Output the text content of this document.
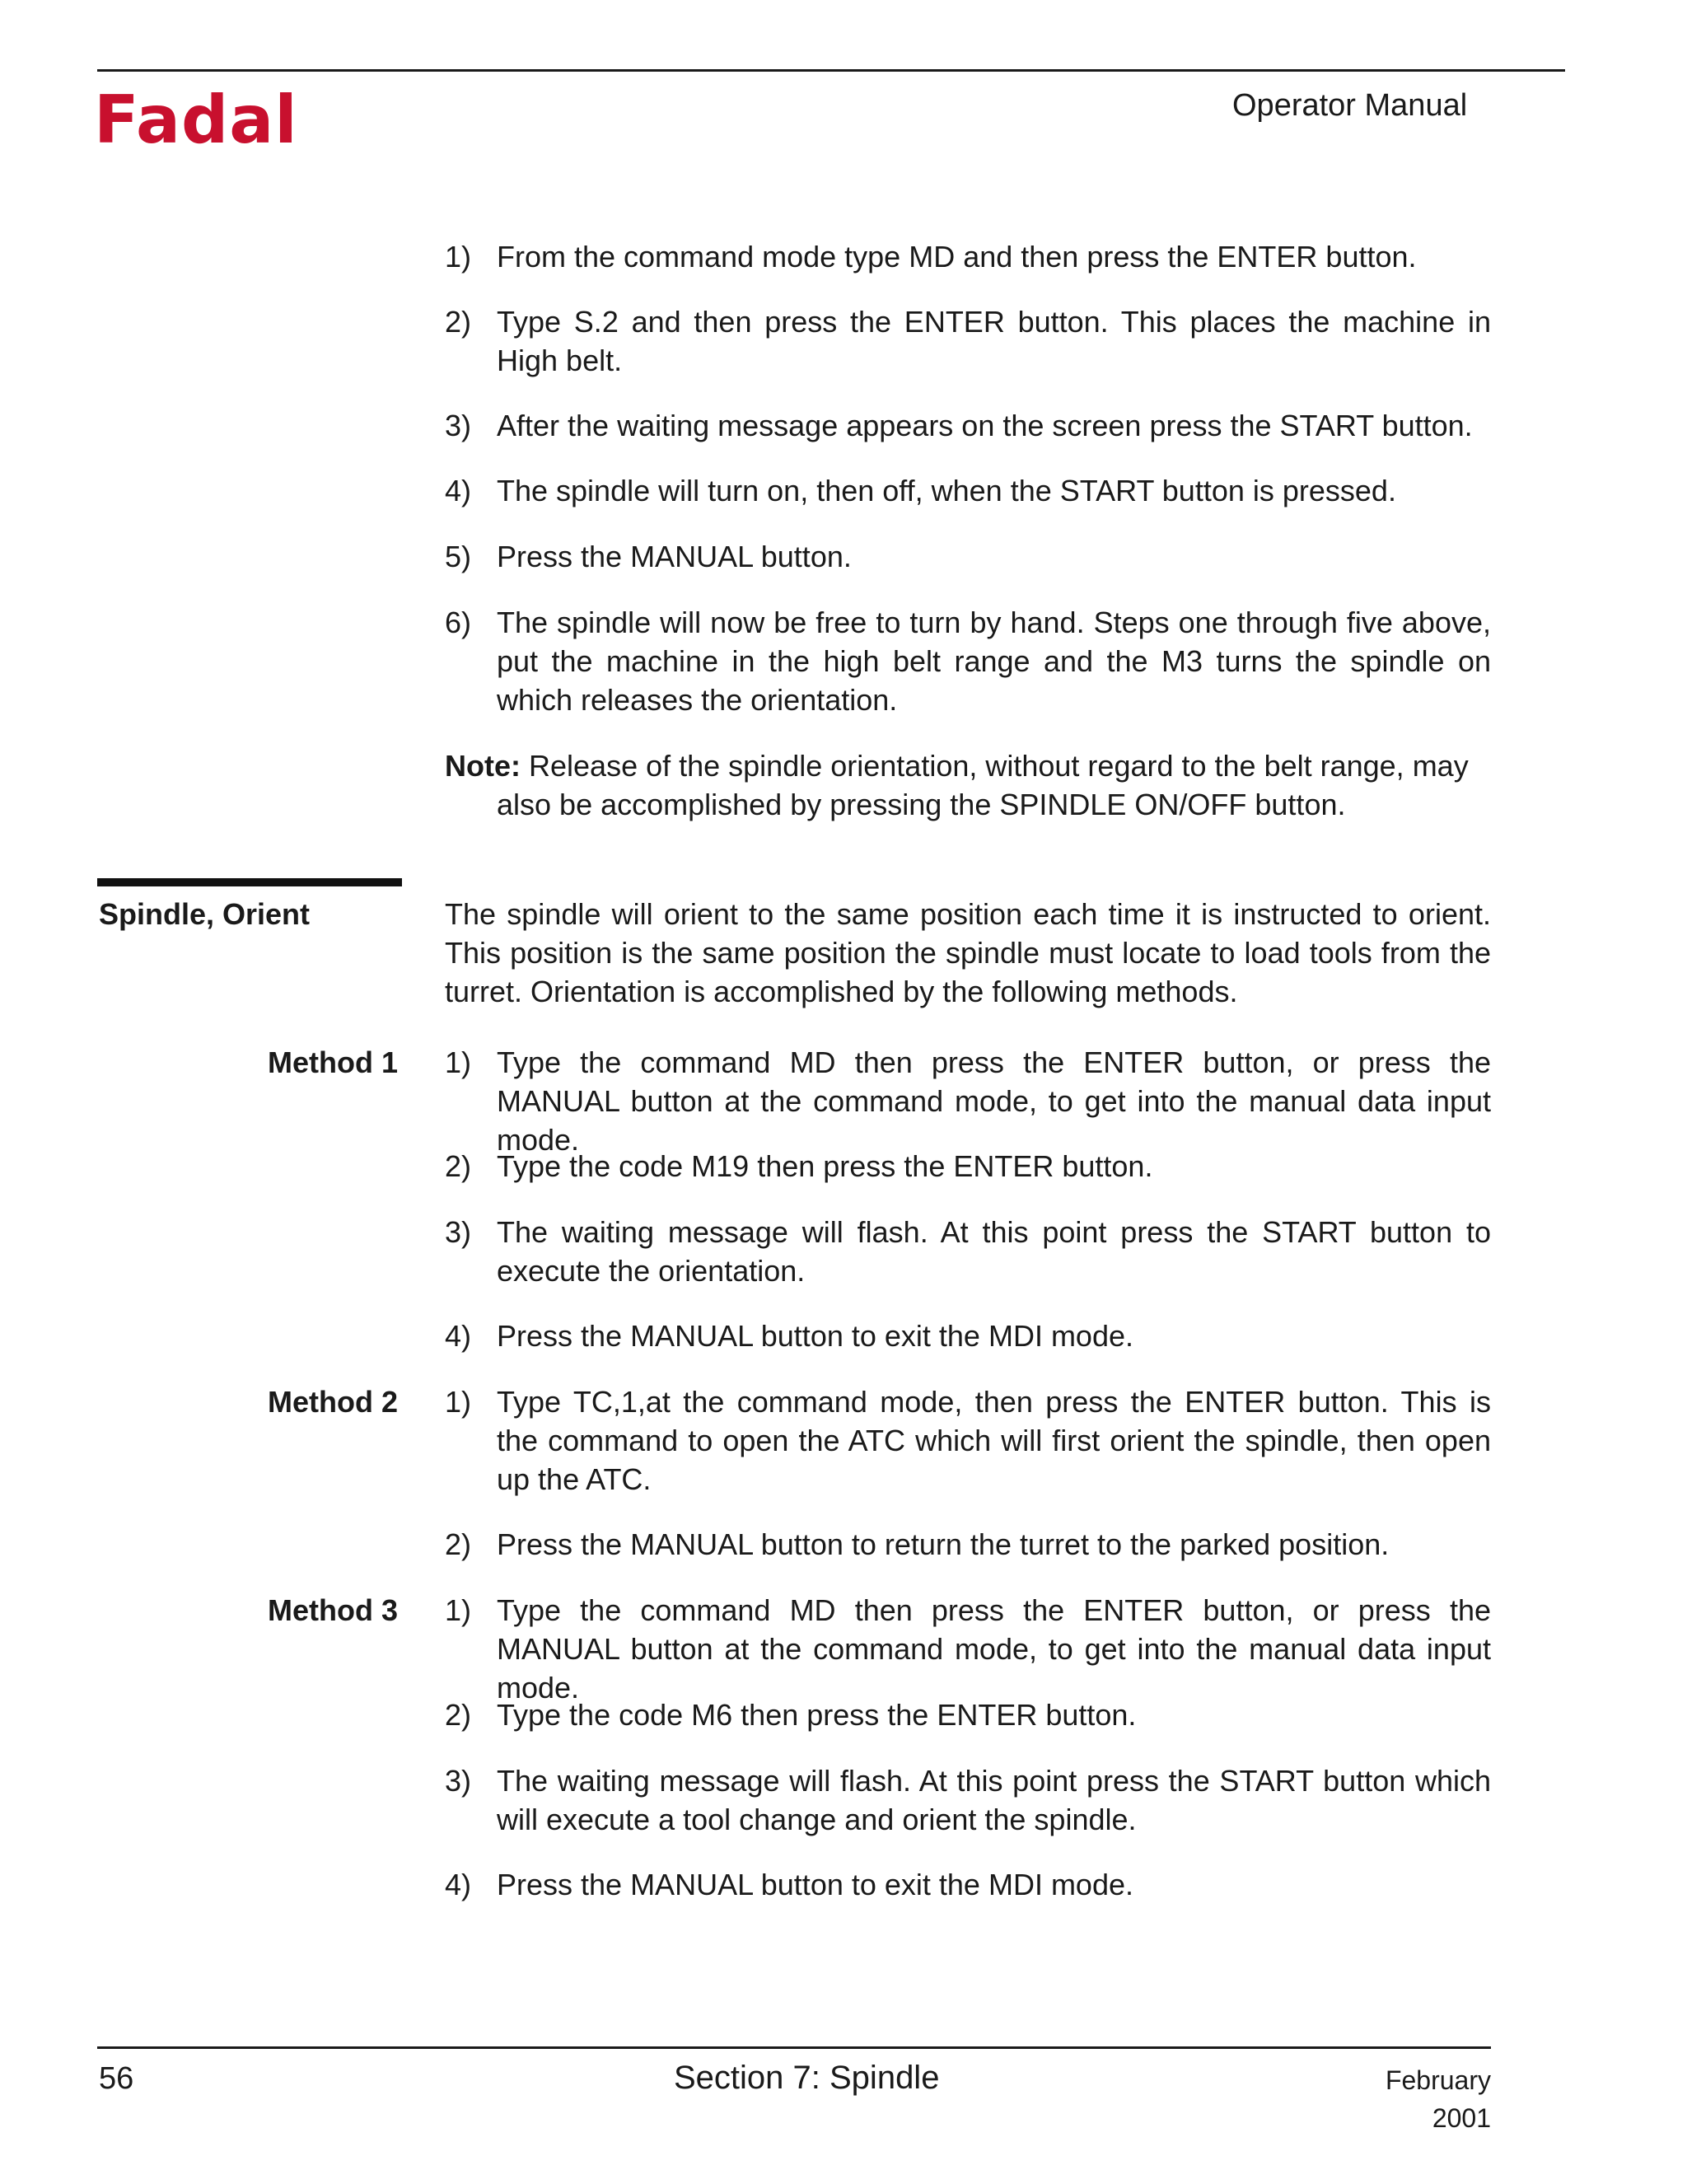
Fadal	Operator Manual
1) From the command mode type MD and then press the ENTER button.
2) Type S.2 and then press the ENTER button. This places the machine in High belt.
3) After the waiting message appears on the screen press the START button.
4) The spindle will turn on, then off, when the START button is pressed.
5) Press the MANUAL button.
6) The spindle will now be free to turn by hand. Steps one through five above, put the machine in the high belt range and the M3 turns the spindle on which releases the orientation.
Note: Release of the spindle orientation, without regard to the belt range, may
also be accomplished by pressing the SPINDLE ON/OFF button.
Spindle, Orient	The spindle will orient to the same position each time it is instructed to orient. This position is the same position the spindle must locate to load tools from the turret. Orientation is accomplished by the following methods.
Method 1 1) Type the command MD then press the ENTER button, or press the MANUAL button at the command mode, to get into the manual data input mode.
2) Type the code M19 then press the ENTER button.
3) The waiting message will flash. At this point press the START button to execute the orientation.
4) Press the MANUAL button to exit the MDI mode.
Method 2 1) Type TC,1,at the command mode, then press the ENTER button. This is the command to open the ATC which will first orient the spindle, then open up the ATC.
2) Press the MANUAL button to return the turret to the parked position.
Method 3 1) Type the command MD then press the ENTER button, or press the MANUAL button at the command mode, to get into the manual data input mode.
2) Type the code M6 then press the ENTER button.
3) The waiting message will flash. At this point press the START button which will execute a tool change and orient the spindle.
4) Press the MANUAL button to exit the MDI mode.
56	Section 7: Spindle	February 2001
